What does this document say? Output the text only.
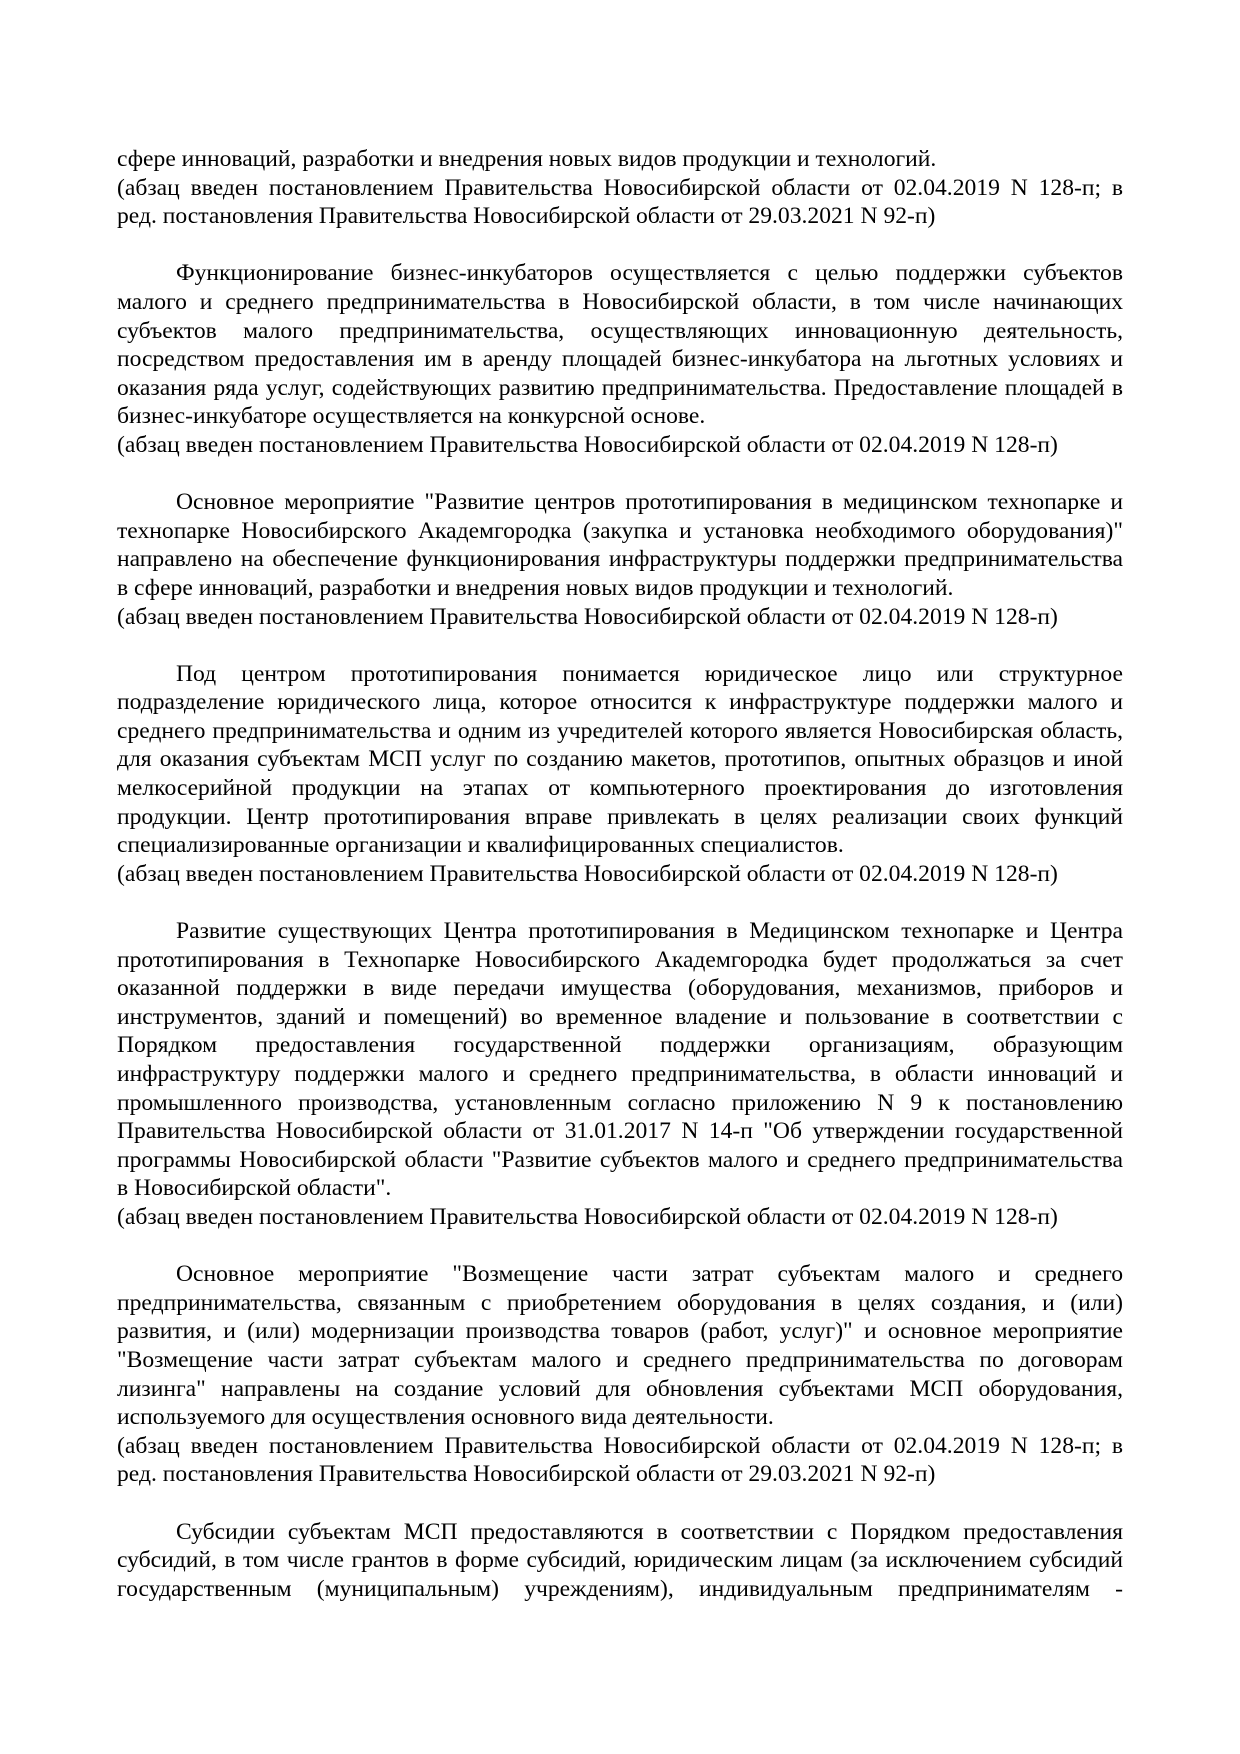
сфере инноваций, разработки и внедрения новых видов продукции и технологий.
(абзац введен постановлением Правительства Новосибирской области от 02.04.2019 N 128-п; в
ред. постановления Правительства Новосибирской области от 29.03.2021 N 92-п)
Функционирование бизнес-инкубаторов осуществляется с целью поддержки субъектов
малого и среднего предпринимательства в Новосибирской области, в том числе начинающих
субъектов малого предпринимательства, осуществляющих инновационную деятельность,
посредством предоставления им в аренду площадей бизнес-инкубатора на льготных условиях и
оказания ряда услуг, содействующих развитию предпринимательства. Предоставление площадей в
бизнес-инкубаторе осуществляется на конкурсной основе.
(абзац введен постановлением Правительства Новосибирской области от 02.04.2019 N 128-п)
Основное мероприятие "Развитие центров прототипирования в медицинском технопарке и
технопарке Новосибирского Академгородка (закупка и установка необходимого оборудования)"
направлено на обеспечение функционирования инфраструктуры поддержки предпринимательства
в сфере инноваций, разработки и внедрения новых видов продукции и технологий.
(абзац введен постановлением Правительства Новосибирской области от 02.04.2019 N 128-п)
Под центром прототипирования понимается юридическое лицо или структурное
подразделение юридического лица, которое относится к инфраструктуре поддержки малого и
среднего предпринимательства и одним из учредителей которого является Новосибирская область,
для оказания субъектам МСП услуг по созданию макетов, прототипов, опытных образцов и иной
мелкосерийной продукции на этапах от компьютерного проектирования до изготовления
продукции. Центр прототипирования вправе привлекать в целях реализации своих функций
специализированные организации и квалифицированных специалистов.
(абзац введен постановлением Правительства Новосибирской области от 02.04.2019 N 128-п)
Развитие существующих Центра прототипирования в Медицинском технопарке и Центра
прототипирования в Технопарке Новосибирского Академгородка будет продолжаться за счет
оказанной поддержки в виде передачи имущества (оборудования, механизмов, приборов и
инструментов, зданий и помещений) во временное владение и пользование в соответствии с
Порядком предоставления государственной поддержки организациям, образующим
инфраструктуру поддержки малого и среднего предпринимательства, в области инноваций и
промышленного производства, установленным согласно приложению N 9 к постановлению
Правительства Новосибирской области от 31.01.2017 N 14-п "Об утверждении государственной
программы Новосибирской области "Развитие субъектов малого и среднего предпринимательства
в Новосибирской области".
(абзац введен постановлением Правительства Новосибирской области от 02.04.2019 N 128-п)
Основное мероприятие "Возмещение части затрат субъектам малого и среднего
предпринимательства, связанным с приобретением оборудования в целях создания, и (или)
развития, и (или) модернизации производства товаров (работ, услуг)" и основное мероприятие
"Возмещение части затрат субъектам малого и среднего предпринимательства по договорам
лизинга" направлены на создание условий для обновления субъектами МСП оборудования,
используемого для осуществления основного вида деятельности.
(абзац введен постановлением Правительства Новосибирской области от 02.04.2019 N 128-п; в
ред. постановления Правительства Новосибирской области от 29.03.2021 N 92-п)
Субсидии субъектам МСП предоставляются в соответствии с Порядком предоставления
субсидий, в том числе грантов в форме субсидий, юридическим лицам (за исключением субсидий
государственным (муниципальным) учреждениям), индивидуальным предпринимателям -
